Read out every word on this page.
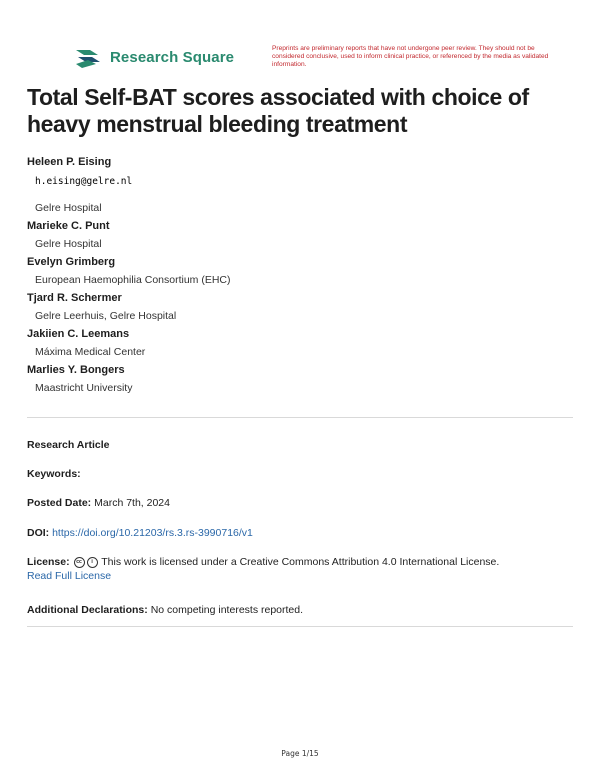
Research Square	Preprints are preliminary reports that have not undergone peer review. They should not be considered conclusive, used to inform clinical practice, or referenced by the media as validated information.
Total Self-BAT scores associated with choice of heavy menstrual bleeding treatment
Heleen P. Eising
h.eising@gelre.nl
Gelre Hospital
Marieke C. Punt
Gelre Hospital
Evelyn Grimberg
European Haemophilia Consortium (EHC)
Tjard R. Schermer
Gelre Leerhuis, Gelre Hospital
Jakiien C. Leemans
Máxima Medical Center
Marlies Y. Bongers
Maastricht University
Research Article
Keywords:
Posted Date: March 7th, 2024
DOI: https://doi.org/10.21203/rs.3.rs-3990716/v1
License: cc i This work is licensed under a Creative Commons Attribution 4.0 International License.
Read Full License
Additional Declarations: No competing interests reported.
Page 1/15
